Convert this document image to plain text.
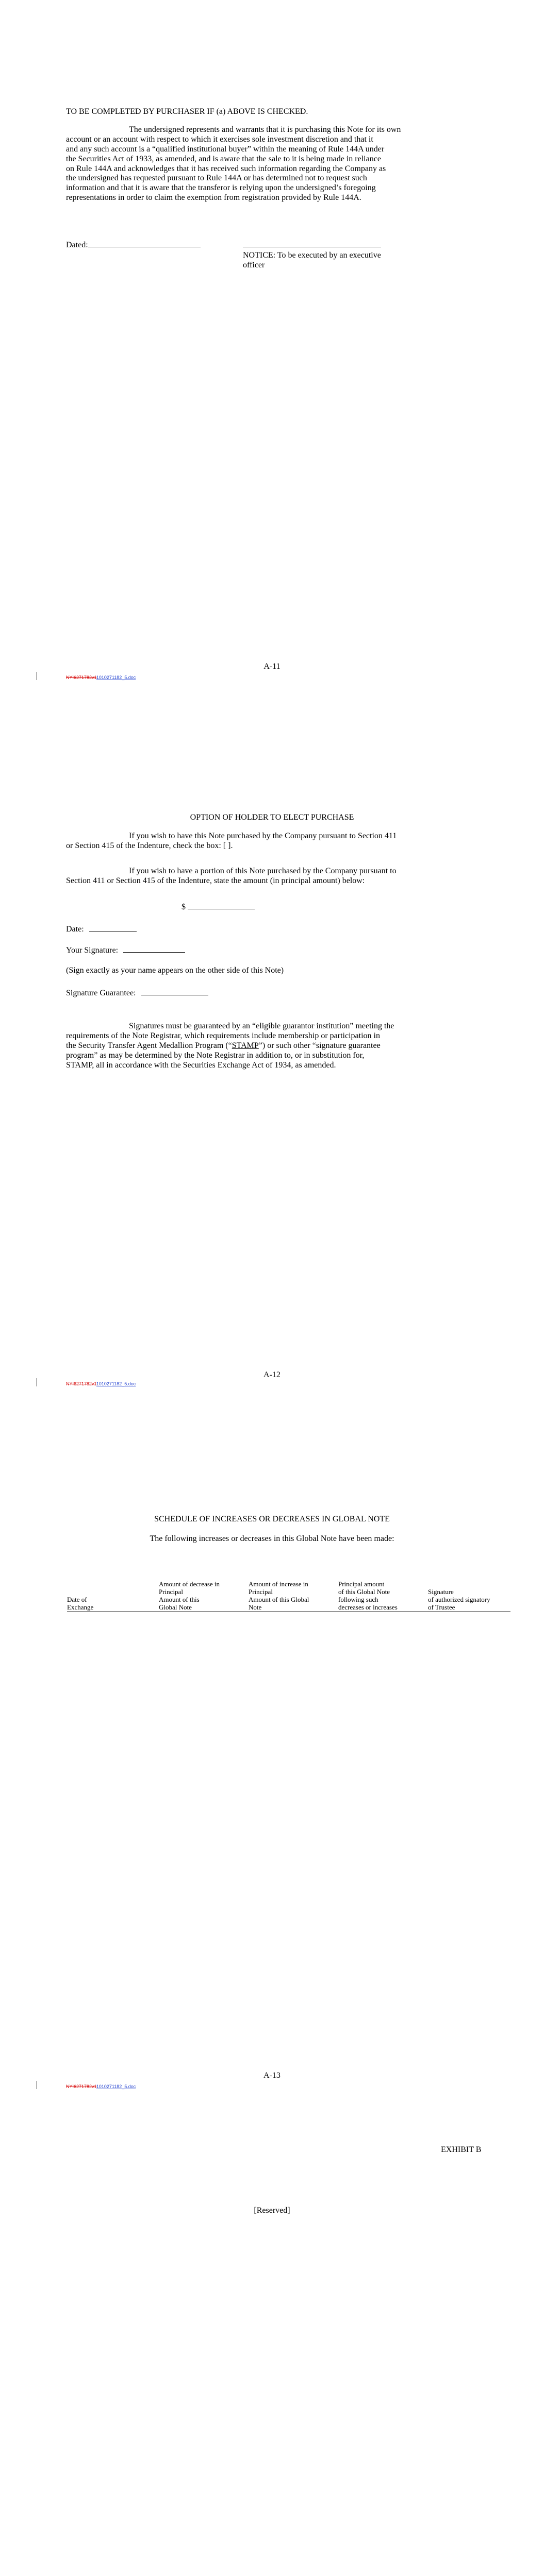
TO BE COMPLETED BY PURCHASER IF (a) ABOVE IS CHECKED.
The undersigned represents and warrants that it is purchasing this Note for its own
account or an account with respect to which it exercises sole investment discretion and that it
and any such account is a “qualified institutional buyer” within the meaning of Rule 144A under
the Securities Act of 1933, as amended, and is aware that the sale to it is being made in reliance
on Rule 144A and acknowledges that it has received such information regarding the Company as
the undersigned has requested pursuant to Rule 144A or has determined not to request such
information and that it is aware that the transferor is relying upon the undersigned’s foregoing
representations in order to claim the exemption from registration provided by Rule 144A.
Dated:
NOTICE: To be executed by an executive
officer
A-11
NYI6271782v11010271182_5.doc
OPTION OF HOLDER TO ELECT PURCHASE
If you wish to have this Note purchased by the Company pursuant to Section 411
or Section 415 of the Indenture, check the box: [ ].
If you wish to have a portion of this Note purchased by the Company pursuant to
Section 411 or Section 415 of the Indenture, state the amount (in principal amount) below:
$
Date:
Your Signature:
(Sign exactly as your name appears on the other side of this Note)
Signature Guarantee:
Signatures must be guaranteed by an “eligible guarantor institution” meeting the
requirements of the Note Registrar, which requirements include membership or participation in
the Security Transfer Agent Medallion Program (“STAMP”) or such other “signature guarantee
program” as may be determined by the Note Registrar in addition to, or in substitution for,
STAMP, all in accordance with the Securities Exchange Act of 1934, as amended.
A-12
NYI6271782v11010271182_5.doc
SCHEDULE OF INCREASES OR DECREASES IN GLOBAL NOTE
The following increases or decreases in this Global Note have been made:
Date of
Exchange

Amount of decrease in
Principal
Amount of this
Global Note

Amount of increase in
Principal
Amount of this Global
Note

Principal amount
of this Global Note
following such
decreases or increases

Signature
of authorized signatory
of Trustee
A-13
NYI6271782v11010271182_5.doc
EXHIBIT B
[Reserved]
